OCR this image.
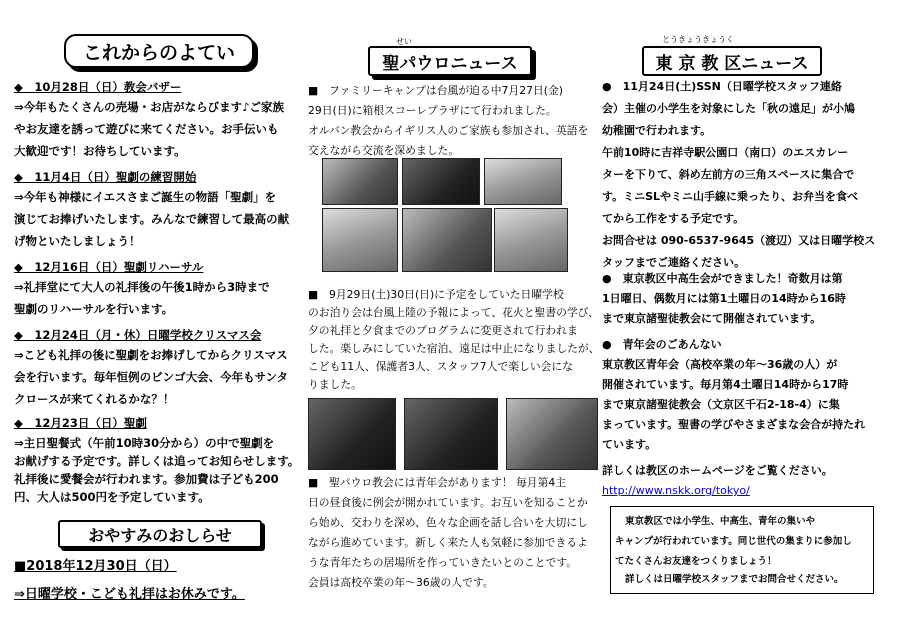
これからのよてい
◆　10月28日（日）教会バザー
⇒今年もたくさんの売場・お店がならびます♪ご家族
やお友達を誘って遊びに来てください。お手伝いも
大歓迎です！お待ちしています。
◆　11月4日（日）聖劇の練習開始
⇒今年も神様にイエスさまご誕生の物語「聖劇」を
演じてお捧げいたします。みんなで練習して最高の献
げ物といたしましょう！
◆　12月16日（日）聖劇リハーサル
⇒礼拝堂にて大人の礼拝後の午後1時から3時まで
聖劇のリハーサルを行います。
◆　12月24日（月・休）日曜学校クリスマス会
⇒こども礼拝の後に聖劇をお捧げしてからクリスマス
会を行います。毎年恒例のビンゴ大会、今年もサンタ
クロースが来てくれるかな？！
◆　12月23日（日）聖劇
⇒主日聖餐式（午前10時30分から）の中で聖劇を
お献げする予定です。詳しくは追ってお知らせします。
礼拝後に愛餐会が行われます。参加費は子ども200
円、大人は500円を予定しています。
おやすみのおしらせ
■2018年12月30日（日）
⇒日曜学校・こども礼拝はお休みです。
せい
聖パウロニュース
■　ファミリーキャンプは台風が迫る中7月27日(金)
29日(日)に箱根スコーレプラザにて行われました。
オルバン教会からイギリス人のご家族も参加され、英語を
交えながら交流を深めました。
■　9月29日(土)30日(日)に予定をしていた日曜学校
のお泊り会は台風上陸の予報によって、花火と聖書の学び、
夕の礼拝と夕食までのプログラムに変更されて行われま
した。楽しみにしていた宿泊、遠足は中止になりましたが、
こども11人、保護者3人、スタッフ7人で楽しい会にな
りました。
■　聖パウロ教会には青年会があります！ 毎月第4主
日の昼食後に例会が開かれています。お互いを知ることか
ら始め、交わりを深め、色々な企画を話し合いを大切にし
ながら進めています。新しく来た人も気軽に参加できるよ
うな青年たちの居場所を作っていきたいとのことです。
会員は高校卒業の年～36歳の人です。
とうきょうきょうく
東 京 教 区ニュース
●　11月24日(土)SSN（日曜学校スタッフ連絡
会）主催の小学生を対象にした「秋の遠足」が小鳩
幼稚園で行われます。
午前10時に吉祥寺駅公園口（南口）のエスカレー
ターを下りて、斜め左前方の三角スペースに集合で
す。ミニSLやミニ山手線に乗ったり、お弁当を食べ
てから工作をする予定です。
お問合せは 090-6537-9645（渡辺）又は日曜学校ス
タッフまでご連絡ください。
●　東京教区中高生会ができました！奇数月は第
1日曜日、偶数月には第1土曜日の14時から16時
まで東京諸聖徒教会にて開催されています。
●　青年会のごあんない
東京教区青年会（高校卒業の年～36歳の人）が
開催されています。毎月第4土曜日14時から17時
まで東京諸聖徒教会（文京区千石2-18-4）に集
まっています。聖書の学びやさまざまな会合が持たれ
ています。
詳しくは教区のホームページをご覧ください。
http://www.nskk.org/tokyo/
東京教区では小学生、中高生、青年の集いや
キャンプが行われています。同じ世代の集まりに参加し
てたくさんお友達をつくりましょう！
詳しくは日曜学校スタッフまでお問合せください。
